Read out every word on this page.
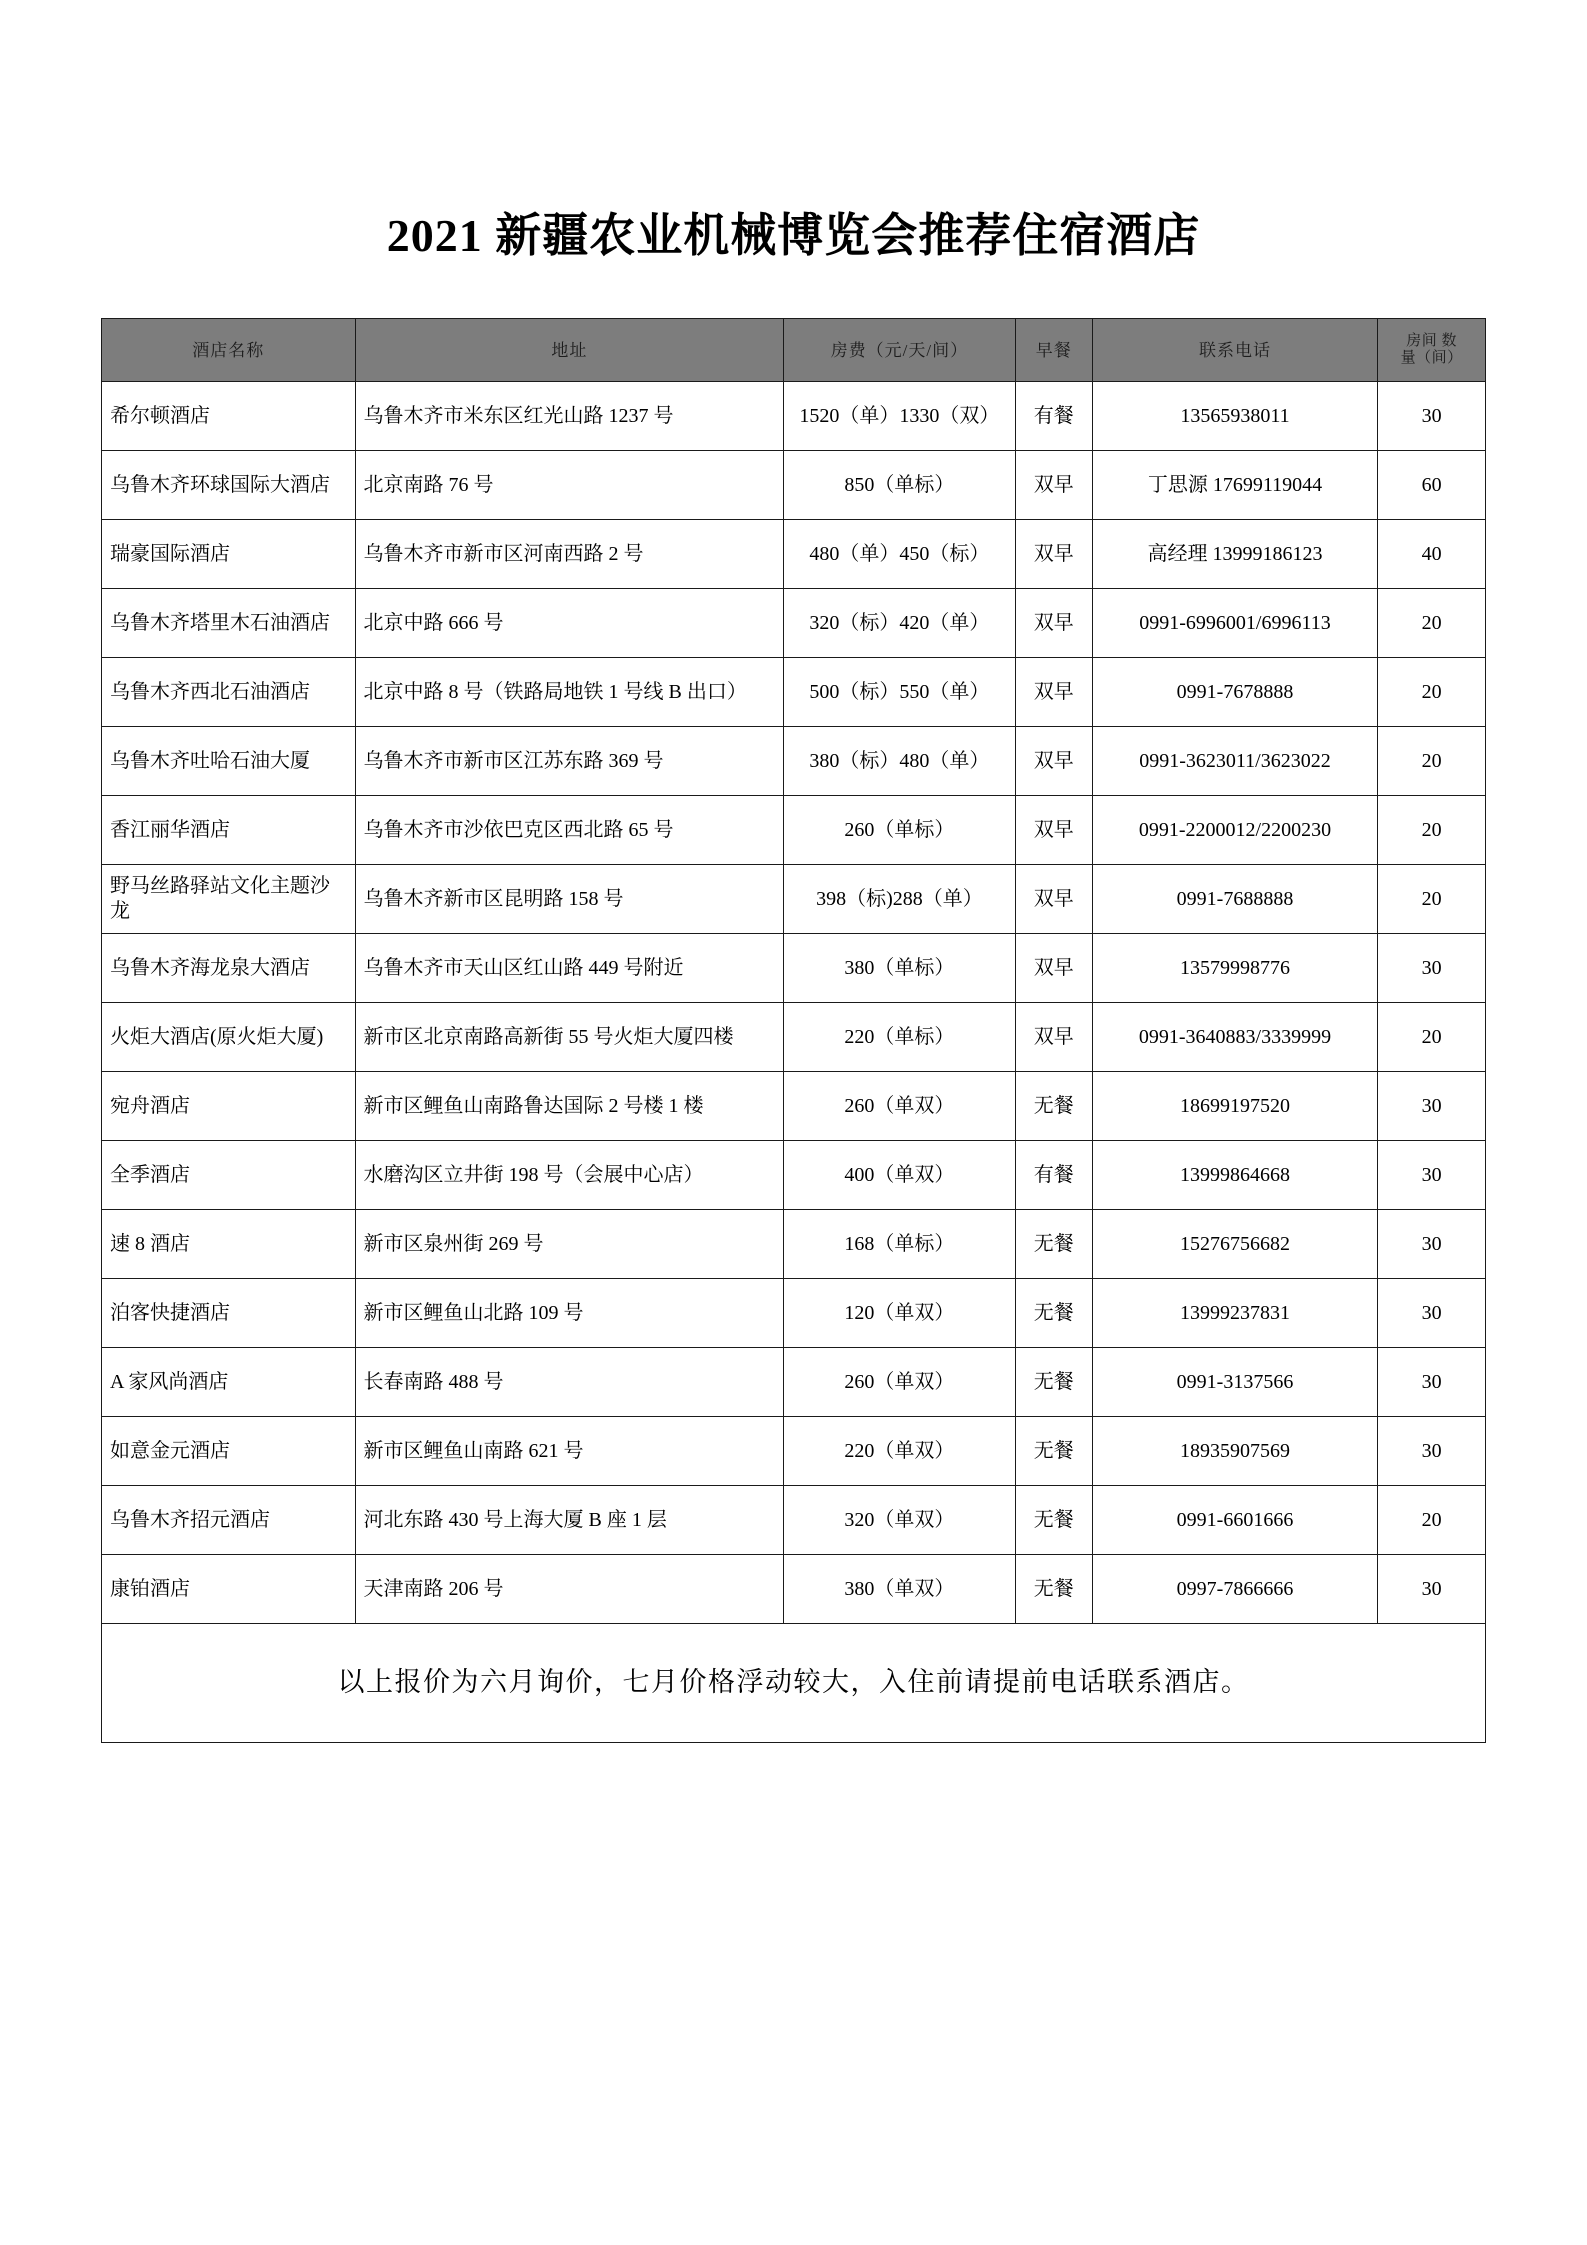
2021 新疆农业机械博览会推荐住宿酒店
酒店名称	地址	房费（元/天/间）	早餐	联系电话	房间 数
量（间）
希尔顿酒店	乌鲁木齐市米东区红光山路 1237 号	1520（单）1330（双）	有餐	13565938011	30
乌鲁木齐环球国际大酒店	北京南路 76 号	850（单标）	双早	丁思源 17699119044	60
瑞豪国际酒店	乌鲁木齐市新市区河南西路 2 号	480（单）450（标）	双早	高经理 13999186123	40
乌鲁木齐塔里木石油酒店	北京中路 666 号	320（标）420（单）	双早	0991-6996001/6996113	20
乌鲁木齐西北石油酒店	北京中路 8 号（铁路局地铁 1 号线 B 出口）	500（标）550（单）	双早	0991-7678888	20
乌鲁木齐吐哈石油大厦	乌鲁木齐市新市区江苏东路 369 号	380（标）480（单）	双早	0991-3623011/3623022	20
香江丽华酒店	乌鲁木齐市沙依巴克区西北路 65 号	260（单标）	双早	0991-2200012/2200230	20
野马丝路驿站文化主题沙龙	乌鲁木齐新市区昆明路 158 号	398（标)288（单）	双早	0991-7688888	20
乌鲁木齐海龙泉大酒店	乌鲁木齐市天山区红山路 449 号附近	380（单标）	双早	13579998776	30
火炬大酒店(原火炬大厦)	新市区北京南路高新街 55 号火炬大厦四楼	220（单标）	双早	0991-3640883/3339999	20
宛舟酒店	新市区鲤鱼山南路鲁达国际 2 号楼 1 楼	260（单双）	无餐	18699197520	30
全季酒店	水磨沟区立井街 198 号（会展中心店）	400（单双）	有餐	13999864668	30
速 8 酒店	新市区泉州街 269 号	168（单标）	无餐	15276756682	30
泊客快捷酒店	新市区鲤鱼山北路 109 号	120（单双）	无餐	13999237831	30
A 家风尚酒店	长春南路 488 号	260（单双）	无餐	0991-3137566	30
如意金元酒店	新市区鲤鱼山南路 621 号	220（单双）	无餐	18935907569	30
乌鲁木齐招元酒店	河北东路 430 号上海大厦 B 座 1 层	320（单双）	无餐	0991-6601666	20
康铂酒店	天津南路 206 号	380（单双）	无餐	0997-7866666	30
以上报价为六月询价，七月价格浮动较大，入住前请提前电话联系酒店。					
